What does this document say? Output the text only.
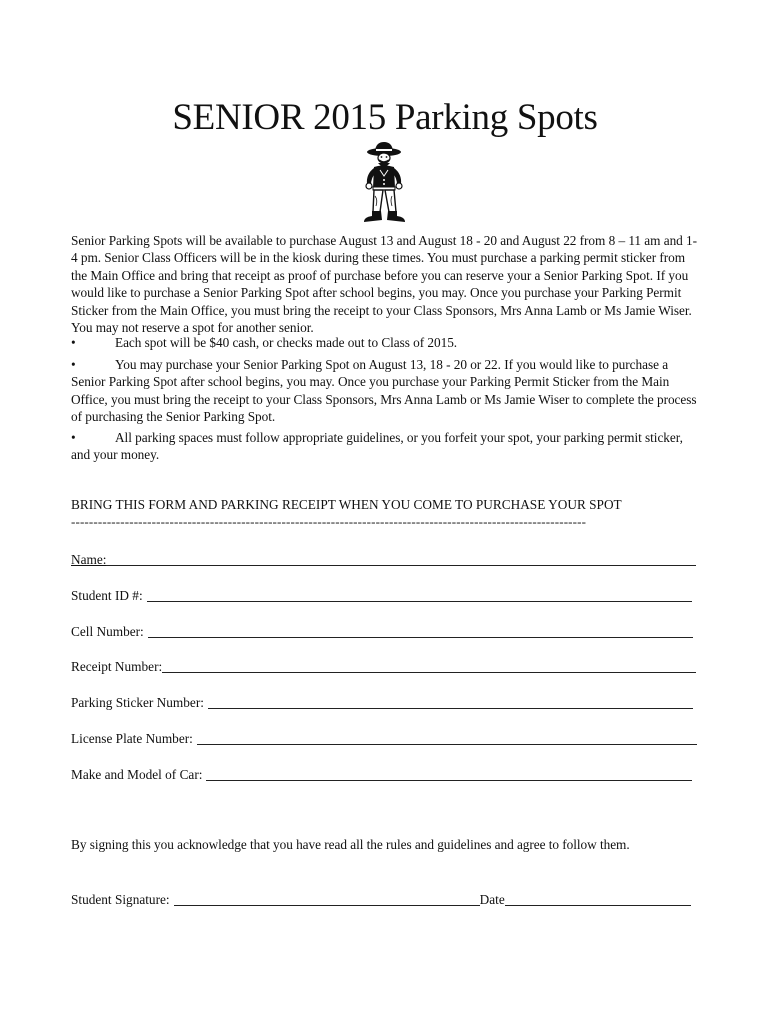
SENIOR 2015 Parking Spots

Senior Parking Spots will be available to purchase August 13 and August 18 - 20 and August 22 from 8 – 11 am and 1- 4 pm. Senior Class Officers will be in the kiosk during these times. You must purchase a parking permit sticker from the Main Office and bring that receipt as proof of purchase before you can reserve your a Senior Parking Spot. If you would like to purchase a Senior Parking Spot after school begins, you may. Once you purchase your Parking Permit Sticker from the Main Office, you must bring the receipt to your Class Sponsors, Mrs Anna Lamb or Ms Jamie Wiser. You may not reserve a spot for another senior.

•	Each spot will be $40 cash, or checks made out to Class of 2015.

•	You may purchase your Senior Parking Spot on August 13, 18 - 20 or 22. If you would like to purchase a Senior Parking Spot after school begins, you may. Once you purchase your Parking Permit Sticker from the Main Office, you must bring the receipt to your Class Sponsors, Mrs Anna Lamb or Ms Jamie Wiser to complete the process of purchasing the Senior Parking Spot.

•	All parking spaces must follow appropriate guidelines, or you forfeit your spot, your parking permit sticker, and your money.

BRING THIS FORM AND PARKING RECEIPT WHEN YOU COME TO PURCHASE YOUR SPOT
-------------------------------------------------------------------------------------------------------------------
Name:
Student ID #:
Cell Number:
Receipt Number:
Parking Sticker Number:
License Plate Number:
Make and Model of Car:

By signing this you acknowledge that you have read all the rules and guidelines and agree to follow them.

Student Signature:	Date
